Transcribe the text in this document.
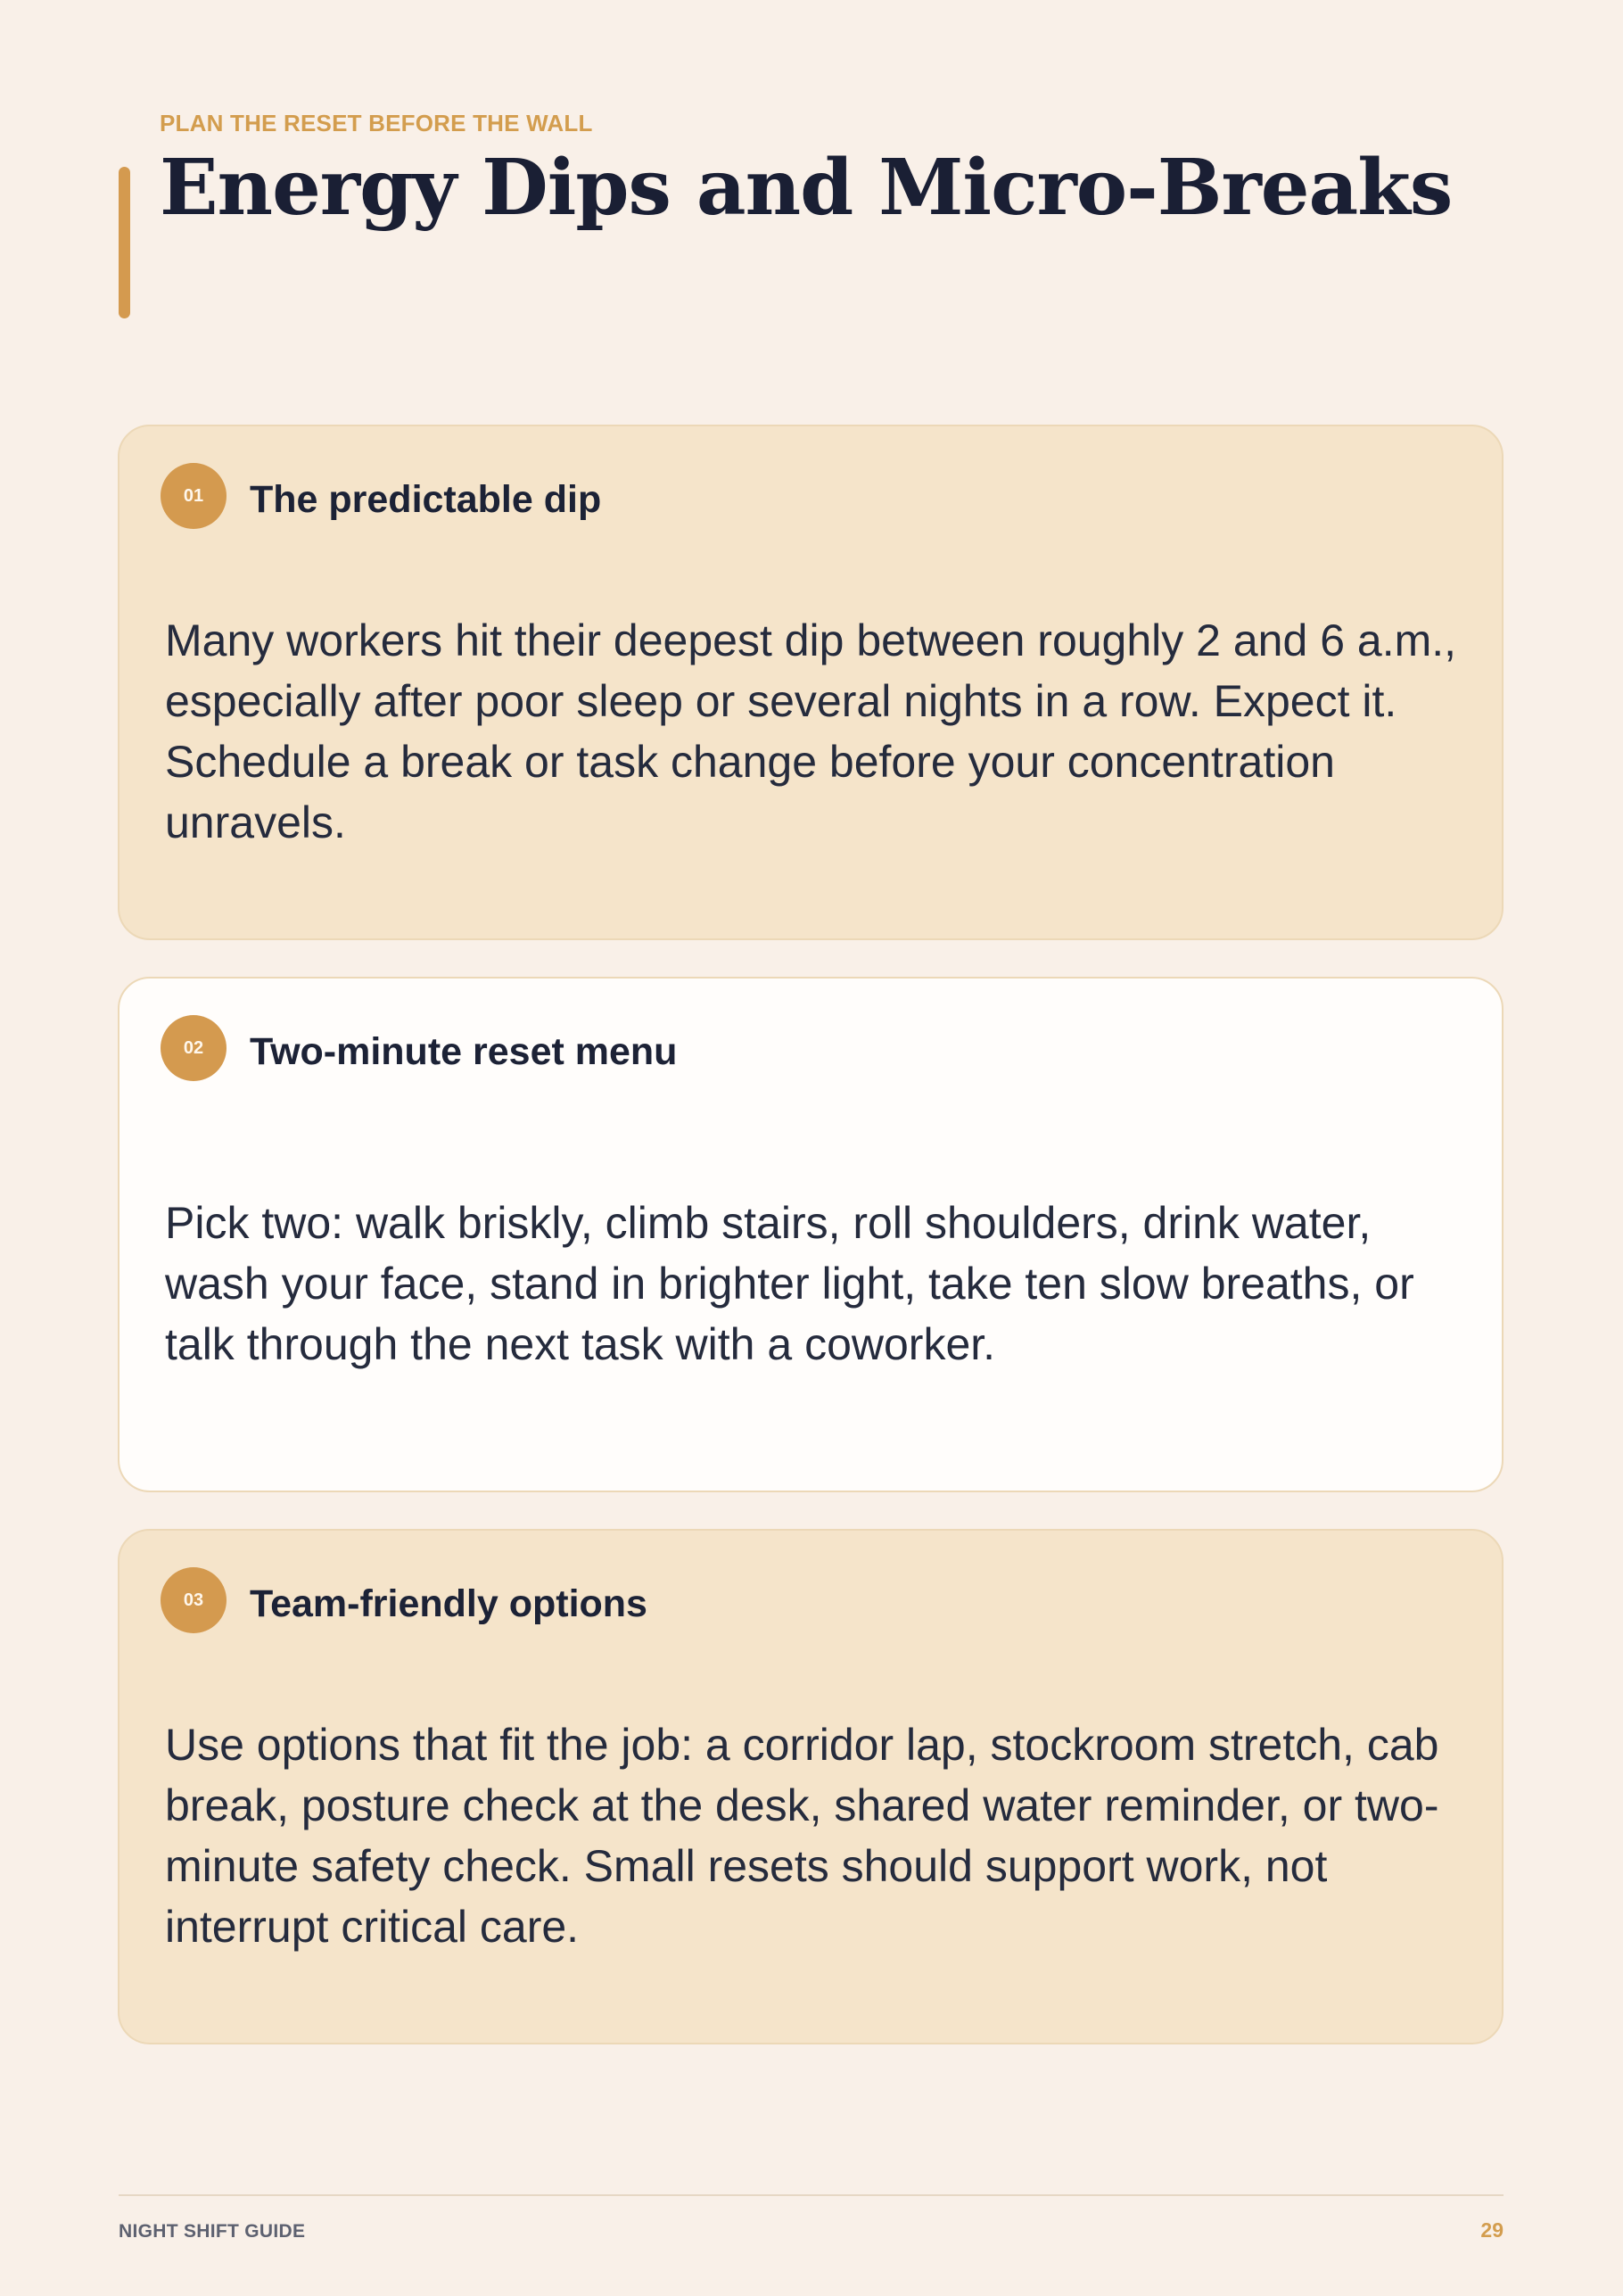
PLAN THE RESET BEFORE THE WALL
Energy Dips and Micro-Breaks
01	The predictable dip
Many workers hit their deepest dip between roughly 2 and 6 a.m., especially after poor sleep or several nights in a row. Expect it. Schedule a break or task change before your concentration unravels.
02	Two-minute reset menu
Pick two: walk briskly, climb stairs, roll shoulders, drink water, wash your face, stand in brighter light, take ten slow breaths, or talk through the next task with a coworker.
03	Team-friendly options
Use options that fit the job: a corridor lap, stockroom stretch, cab break, posture check at the desk, shared water reminder, or two-minute safety check. Small resets should support work, not interrupt critical care.
NIGHT SHIFT GUIDE	29
